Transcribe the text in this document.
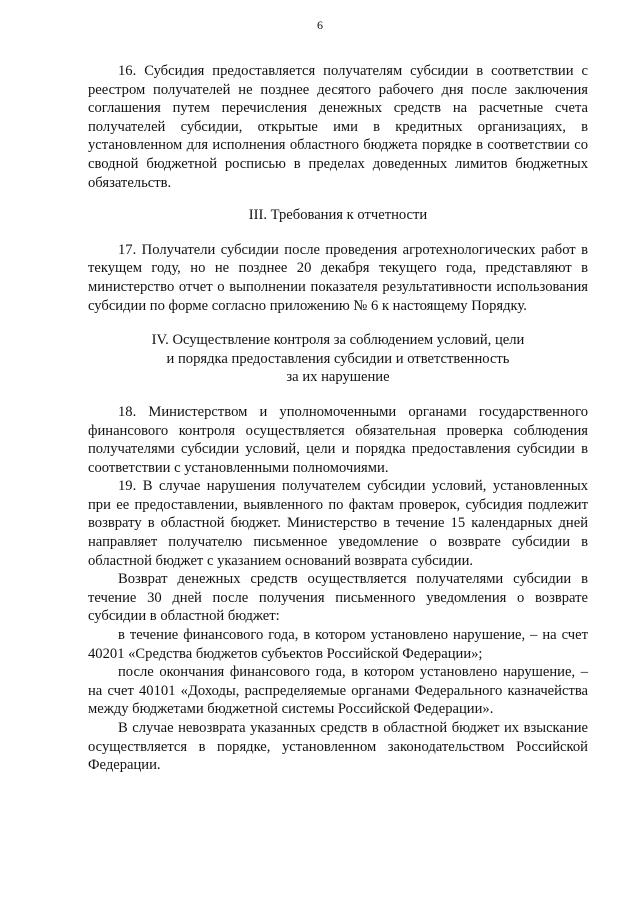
6

16. Субсидия предоставляется получателям субсидии в соответствии с реестром получателей не позднее десятого рабочего дня после заключения соглашения путем перечисления денежных средств на расчетные счета получателей субсидии, открытые ими в кредитных организациях, в установленном для исполнения областного бюджета порядке в соответствии со сводной бюджетной росписью в пределах доведенных лимитов бюджетных обязательств.

III. Требования к отчетности

17. Получатели субсидии после проведения агротехнологических работ в текущем году, но не позднее 20 декабря текущего года, представляют в министерство отчет о выполнении показателя результативности использования субсидии по форме согласно приложению № 6 к настоящему Порядку.

IV. Осуществление контроля за соблюдением условий, цели

и порядка предоставления субсидии и ответственность

за их нарушение

18. Министерством и уполномоченными органами государственного финансового контроля осуществляется обязательная проверка соблюдения получателями субсидии условий, цели и порядка предоставления субсидии в соответствии с установленными полномочиями.

19. В случае нарушения получателем субсидии условий, установленных при ее предоставлении, выявленного по фактам проверок, субсидия подлежит возврату в областной бюджет. Министерство в течение 15 календарных дней направляет получателю письменное уведомление о возврате субсидии в областной бюджет с указанием оснований возврата субсидии.

Возврат денежных средств осуществляется получателями субсидии в течение 30 дней после получения письменного уведомления о возврате субсидии в областной бюджет:

в течение финансового года, в котором установлено нарушение, – на счет 40201 «Средства бюджетов субъектов Российской Федерации»;

после окончания финансового года, в котором установлено нарушение, – на счет 40101 «Доходы, распределяемые органами Федерального казначейства между бюджетами бюджетной системы Российской Федерации».

В случае невозврата указанных средств в областной бюджет их взыскание осуществляется в порядке, установленном законодательством Российской Федерации.
